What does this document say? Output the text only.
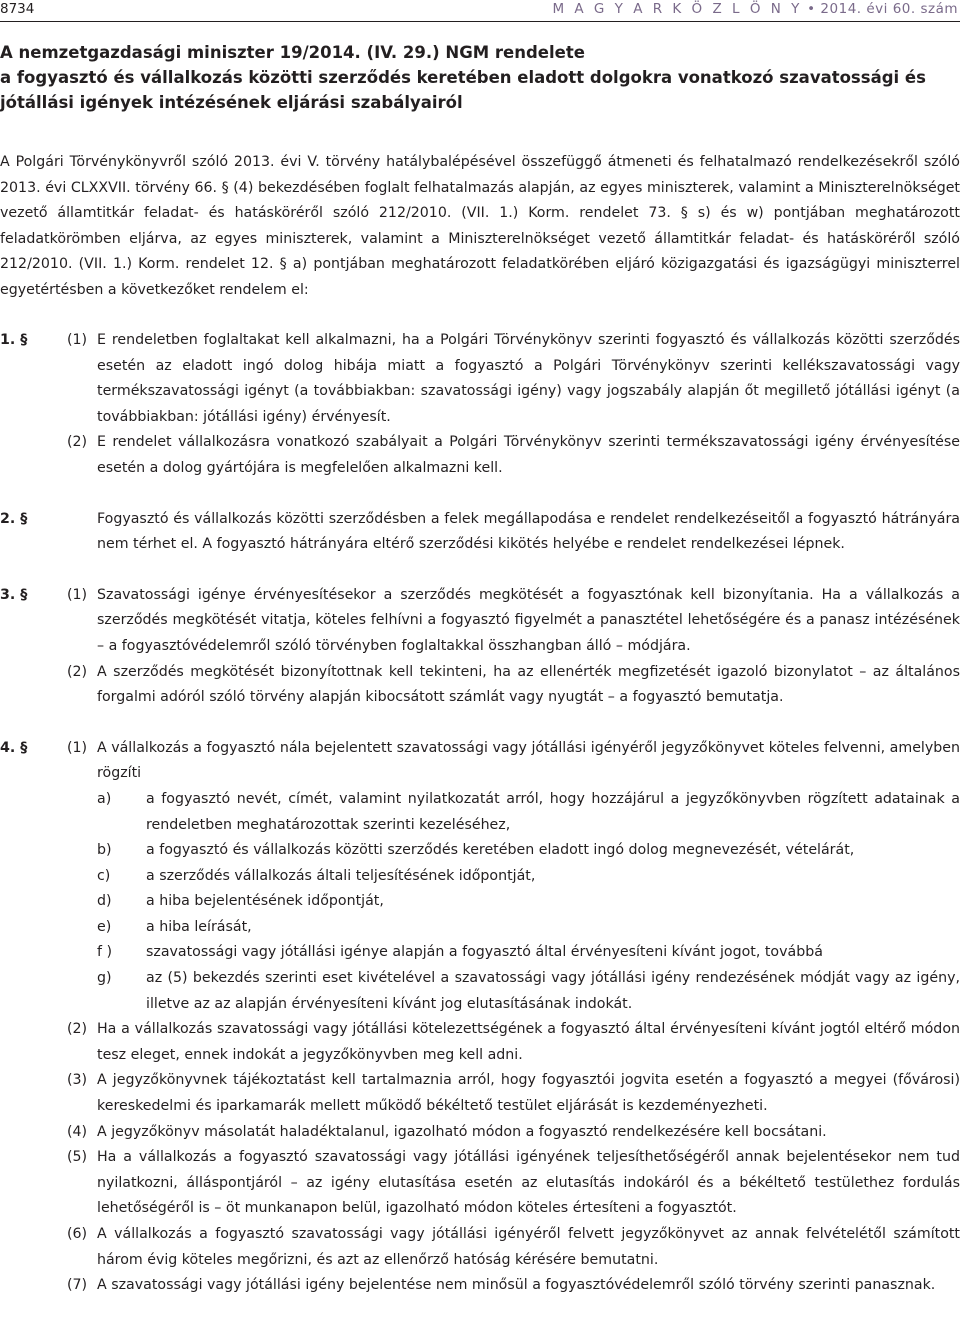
8734	M A G Y A R K Ö Z L Ö N Y • 2014. évi 60. szám
A nemzetgazdasági miniszter 19/2014. (IV. 29.) NGM rendelete
a fogyasztó és vállalkozás közötti szerződés keretében eladott dolgokra vonatkozó szavatossági és jótállási igények intézésének eljárási szabályairól
A Polgári Törvénykönyvről szóló 2013. évi V. törvény hatálybalépésével összefüggő átmeneti és felhatalmazó rendelkezésekről szóló 2013. évi CLXXVII. törvény 66. § (4) bekezdésében foglalt felhatalmazás alapján, az egyes miniszterek, valamint a Miniszterelnökséget vezető államtitkár feladat- és hatásköréről szóló 212/2010. (VII. 1.) Korm. rendelet 73. § s) és w) pontjában meghatározott feladatkörömben eljárva, az egyes miniszterek, valamint a Miniszterelnökséget vezető államtitkár feladat- és hatásköréről szóló 212/2010. (VII. 1.) Korm. rendelet 12. § a) pontjában meghatározott feladatkörében eljáró közigazgatási és igazságügyi miniszterrel egyetértésben a következőket rendelem el:
1. §	(1) E rendeletben foglaltakat kell alkalmazni, ha a Polgári Törvénykönyv szerinti fogyasztó és vállalkozás közötti szerződés esetén az eladott ingó dolog hibája miatt a fogyasztó a Polgári Törvénykönyv szerinti kellékszavatossági vagy termékszavatossági igényt (a továbbiakban: szavatossági igény) vagy jogszabály alapján őt megillető jótállási igényt (a továbbiakban: jótállási igény) érvényesít.
(2) E rendelet vállalkozásra vonatkozó szabályait a Polgári Törvénykönyv szerinti termékszavatossági igény érvényesítése esetén a dolog gyártójára is megfelelően alkalmazni kell.
2. §	Fogyasztó és vállalkozás közötti szerződésben a felek megállapodása e rendelet rendelkezéseitől a fogyasztó hátrányára nem térhet el. A fogyasztó hátrányára eltérő szerződési kikötés helyébe e rendelet rendelkezései lépnek.
3. §	(1) Szavatossági igénye érvényesítésekor a szerződés megkötését a fogyasztónak kell bizonyítania. Ha a vállalkozás a szerződés megkötését vitatja, köteles felhívni a fogyasztó figyelmét a panasztétel lehetőségére és a panasz intézésének – a fogyasztóvédelemről szóló törvényben foglaltakkal összhangban álló – módjára.
(2) A szerződés megkötését bizonyítottnak kell tekinteni, ha az ellenérték megfizetését igazoló bizonylatot – az általános forgalmi adóról szóló törvény alapján kibocsátott számlát vagy nyugtát – a fogyasztó bemutatja.
4. §	(1) A vállalkozás a fogyasztó nála bejelentett szavatossági vagy jótállási igényéről jegyzőkönyvet köteles felvenni, amelyben rögzíti
a) a fogyasztó nevét, címét, valamint nyilatkozatát arról, hogy hozzájárul a jegyzőkönyvben rögzített adatainak a rendeletben meghatározottak szerinti kezeléséhez,
b) a fogyasztó és vállalkozás közötti szerződés keretében eladott ingó dolog megnevezését, vételárát,
c)	a szerződés vállalkozás általi teljesítésének időpontját,
d) a hiba bejelentésének időpontját,
e) a hiba leírását,
f ) szavatossági vagy jótállási igénye alapján a fogyasztó által érvényesíteni kívánt jogot, továbbá
g) az (5) bekezdés szerinti eset kivételével a szavatossági vagy jótállási igény rendezésének módját vagy az igény, illetve az az alapján érvényesíteni kívánt jog elutasításának indokát.
(2) Ha a vállalkozás szavatossági vagy jótállási kötelezettségének a fogyasztó által érvényesíteni kívánt jogtól eltérő módon tesz eleget, ennek indokát a jegyzőkönyvben meg kell adni.
(3) A jegyzőkönyvnek tájékoztatást kell tartalmaznia arról, hogy fogyasztói jogvita esetén a fogyasztó a megyei (fővárosi) kereskedelmi és iparkamarák mellett működő békéltető testület eljárását is kezdeményezheti.
(4) A jegyzőkönyv másolatát haladéktalanul, igazolható módon a fogyasztó rendelkezésére kell bocsátani.
(5) Ha a vállalkozás a fogyasztó szavatossági vagy jótállási igényének teljesíthetőségéről annak bejelentésekor nem tud nyilatkozni, álláspontjáról – az igény elutasítása esetén az elutasítás indokáról és a békéltető testülethez fordulás lehetőségéről is – öt munkanapon belül, igazolható módon köteles értesíteni a fogyasztót.
(6) A vállalkozás a fogyasztó szavatossági vagy jótállási igényéről felvett jegyzőkönyvet az annak felvételétől számított három évig köteles megőrizni, és azt az ellenőrző hatóság kérésére bemutatni.
(7) A szavatossági vagy jótállási igény bejelentése nem minősül a fogyasztóvédelemről szóló törvény szerinti panasznak.
